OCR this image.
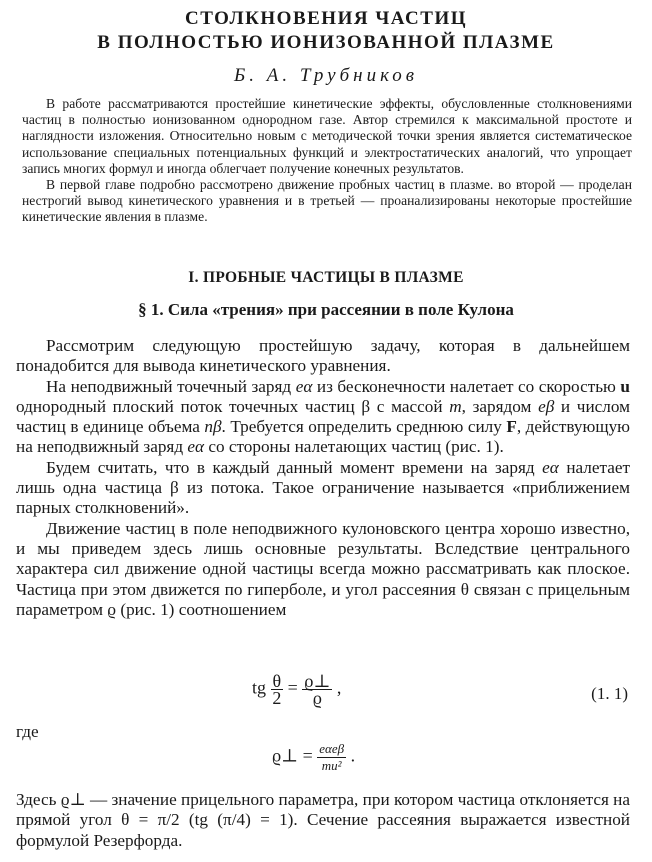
СТОЛКНОВЕНИЯ ЧАСТИЦ
В ПОЛНОСТЬЮ ИОНИЗОВАННОЙ ПЛАЗМЕ
Б. А. Трубников

В работе рассматриваются простейшие кинетические эффекты, обусловленные столкновениями частиц в полностью ионизованном однородном газе. Автор стремился к максимальной простоте и наглядности изложения. Относительно новым с методической точки зрения является систематическое использование специальных потенциальных функций и электростатических аналогий, что упрощает запись многих формул и иногда облегчает получение конечных результатов.

В первой главе подробно рассмотрено движение пробных частиц в плазме. во второй — проделан нестрогий вывод кинетического уравнения и в третьей — проанализированы некоторые простейшие кинетические явления в плазме.

I. ПРОБНЫЕ ЧАСТИЦЫ В ПЛАЗМЕ
§ 1. Сила «трения» при рассеянии в поле Кулона

Рассмотрим следующую простейшую задачу, которая в дальнейшем понадобится для вывода кинетического уравнения.

На неподвижный точечный заряд eα из бесконечности налетает со скоростью u однородный плоский поток точечных частиц β с массой m, зарядом eβ и числом частиц в единице объема nβ. Требуется определить среднюю силу F, действующую на неподвижный заряд eα со стороны налетающих частиц (рис. 1).

Будем считать, что в каждый данный момент времени на заряд eα налетает лишь одна частица β из потока. Такое ограничение называется «приближением парных столкновений».

Движение частиц в поле неподвижного кулоновского центра хорошо известно, и мы приведем здесь лишь основные результаты. Вследствие центрального характера сил движение одной частицы всегда можно рассматривать как плоское. Частица при этом движется по гиперболе, и угол рассеяния θ связан с прицельным параметром ϱ (рис. 1) соотношением

tg $\frac{\theta}{2} = \frac{ϱ\perp}{ϱ}$ ,	(1. 1)
где
ϱ⊥ = $\frac{\text{eαeβ}}{\text{mu²}}$ .

Здесь ϱ⊥ — значение прицельного параметра, при котором частица отклоняется на прямой угол θ = π/2 (tg (π/4) = 1). Сечение рассеяния выражается известной формулой Резерфорда.
